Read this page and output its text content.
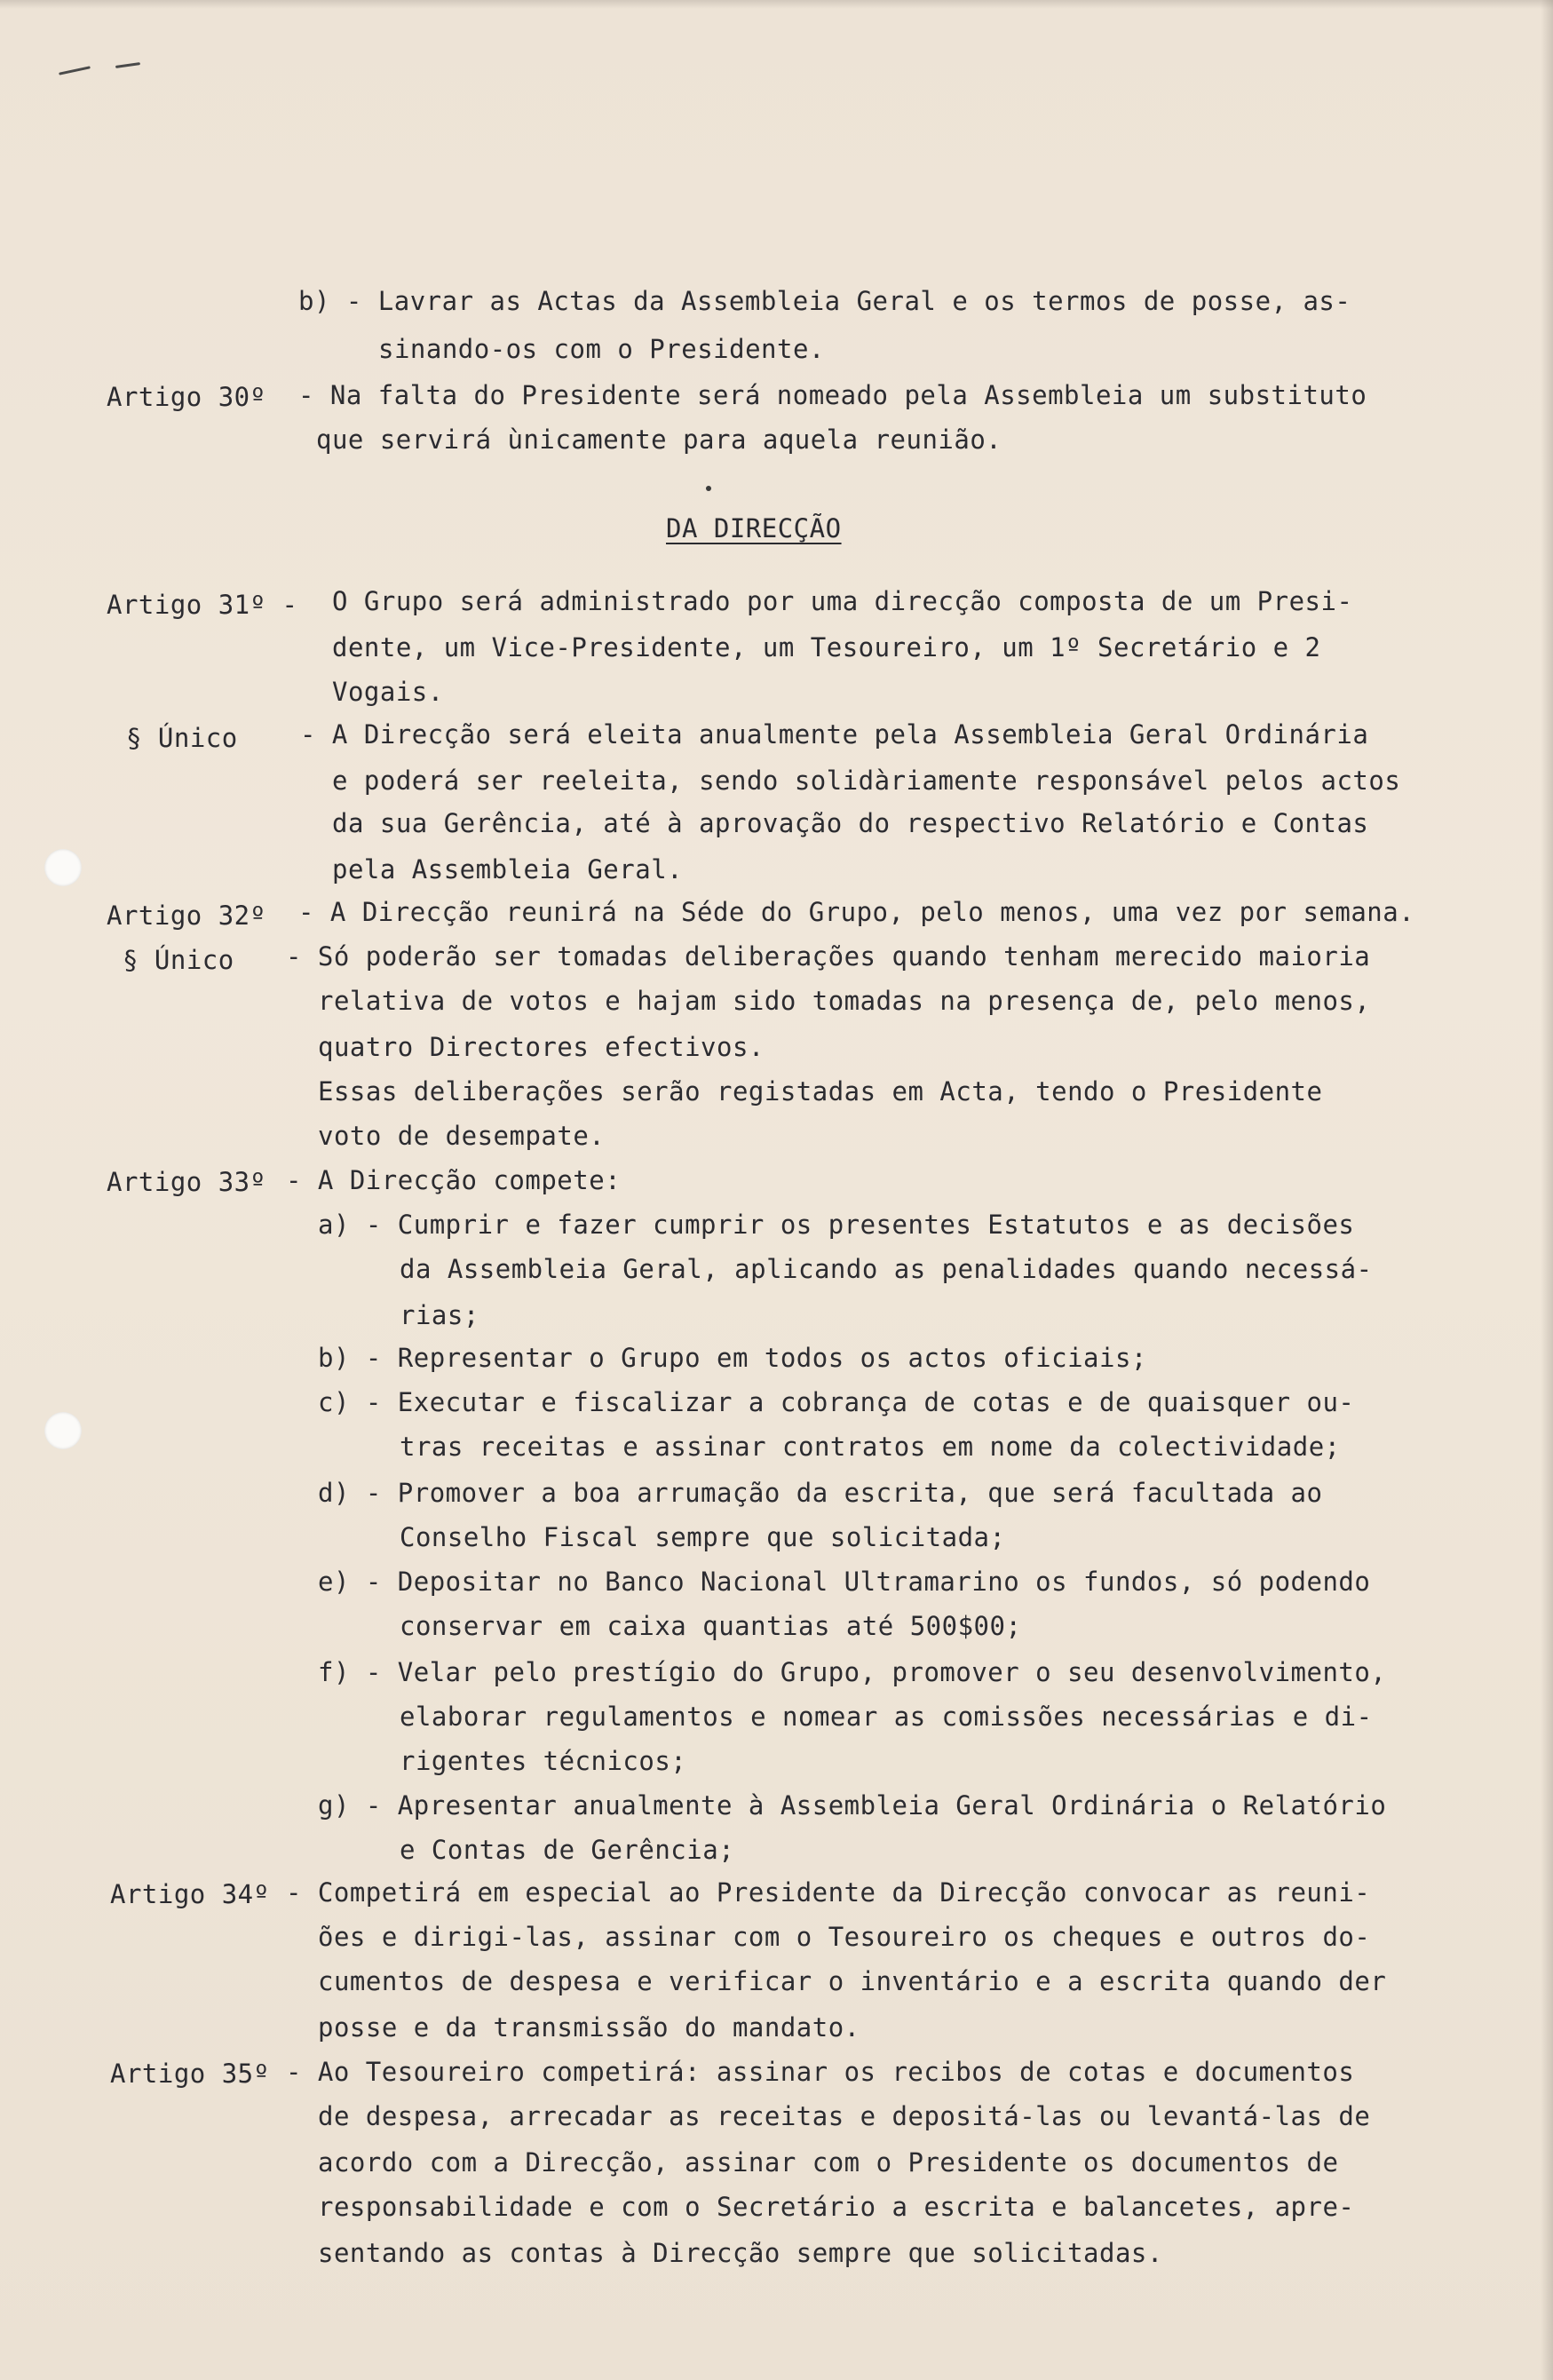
b) - Lavrar as Actas da Assembleia Geral e os termos de posse, as-
sinando-os com o Presidente.
Artigo 30º - Na falta do Presidente será nomeado pela Assembleia um substituto
que servirá ùnicamente para aquela reunião.
DA DIRECÇÃO
Artigo 31º - O Grupo será administrado por uma direcção composta de um Presi-
dente, um Vice-Presidente, um Tesoureiro, um 1º Secretário e 2
Vogais.
§ Único - A Direcção será eleita anualmente pela Assembleia Geral Ordinária
e poderá ser reeleita, sendo solidàriamente responsável pelos actos
da sua Gerência, até à aprovação do respectivo Relatório e Contas
pela Assembleia Geral.
Artigo 32º - A Direcção reunirá na Séde do Grupo, pelo menos, uma vez por semana.
§ Único - Só poderão ser tomadas deliberações quando tenham merecido maioria
relativa de votos e hajam sido tomadas na presença de, pelo menos,
quatro Directores efectivos.
Essas deliberações serão registadas em Acta, tendo o Presidente
voto de desempate.
Artigo 33º - A Direcção compete:
a) - Cumprir e fazer cumprir os presentes Estatutos e as decisões
da Assembleia Geral, aplicando as penalidades quando necessá-
rias;
b) - Representar o Grupo em todos os actos oficiais;
c) - Executar e fiscalizar a cobrança de cotas e de quaisquer ou-
tras receitas e assinar contratos em nome da colectividade;
d) - Promover a boa arrumação da escrita, que será facultada ao
Conselho Fiscal sempre que solicitada;
e) - Depositar no Banco Nacional Ultramarino os fundos, só podendo
conservar em caixa quantias até 500$00;
f) - Velar pelo prestígio do Grupo, promover o seu desenvolvimento,
elaborar regulamentos e nomear as comissões necessárias e di-
rigentes técnicos;
g) - Apresentar anualmente à Assembleia Geral Ordinária o Relatório
e Contas de Gerência;
Artigo 34º - Competirá em especial ao Presidente da Direcção convocar as reuni-
ões e dirigi-las, assinar com o Tesoureiro os cheques e outros do-
cumentos de despesa e verificar o inventário e a escrita quando der
posse e da transmissão do mandato.
Artigo 35º - Ao Tesoureiro competirá: assinar os recibos de cotas e documentos
de despesa, arrecadar as receitas e depositá-las ou levantá-las de
acordo com a Direcção, assinar com o Presidente os documentos de
responsabilidade e com o Secretário a escrita e balancetes, apre-
sentando as contas à Direcção sempre que solicitadas.
